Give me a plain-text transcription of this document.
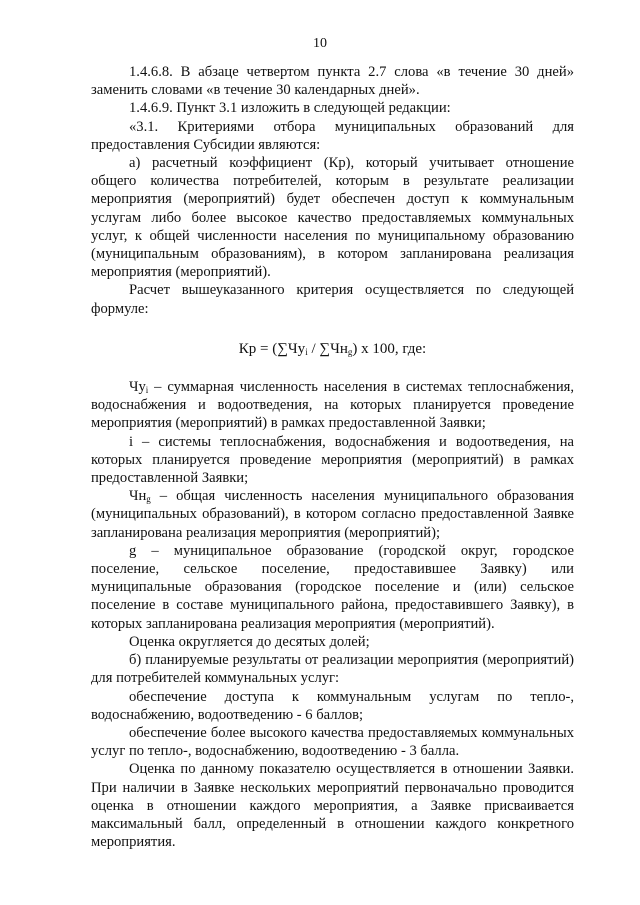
10

1.4.6.8. В абзаце четвертом пункта 2.7 слова «в течение 30 дней» заменить словами «в течение 30 календарных дней».

1.4.6.9. Пункт 3.1 изложить в следующей редакции:

«3.1. Критериями отбора муниципальных образований для предоставления Субсидии являются:

а) расчетный коэффициент (Кр), который учитывает отношение общего количества потребителей, которым в результате реализации мероприятия (мероприятий) будет обеспечен доступ к коммунальным услугам либо более высокое качество предоставляемых коммунальных услуг, к общей численности населения по муниципальному образованию (муниципальным образованиям), в котором запланирована реализация мероприятия (мероприятий).

Расчет вышеуказанного критерия осуществляется по следующей формуле:

Кр = $(\sum Чу_i / \sum Чн_g)$ х 100, где:

$Чу_i$ – суммарная численность населения в системах теплоснабжения, водоснабжения и водоотведения, на которых планируется проведение мероприятия (мероприятий) в рамках предоставленной Заявки;

i – системы теплоснабжения, водоснабжения и водоотведения, на которых планируется проведение мероприятия (мероприятий) в рамках предоставленной Заявки;

$Чн_g$ – общая численность населения муниципального образования (муниципальных образований), в котором согласно предоставленной Заявке запланирована реализация мероприятия (мероприятий);

g – муниципальное образование (городской округ, городское поселение, сельское поселение, предоставившее Заявку) или муниципальные образования (городское поселение и (или) сельское поселение в составе муниципального района, предоставившего Заявку), в которых запланирована реализация мероприятия (мероприятий).

Оценка округляется до десятых долей;

б) планируемые результаты от реализации мероприятия (мероприятий) для потребителей коммунальных услуг:

обеспечение доступа к коммунальным услугам по тепло-, водоснабжению, водоотведению - 6 баллов;

обеспечение более высокого качества предоставляемых коммунальных услуг по тепло-, водоснабжению, водоотведению - 3 балла.

Оценка по данному показателю осуществляется в отношении Заявки. При наличии в Заявке нескольких мероприятий первоначально проводится оценка в отношении каждого мероприятия, а Заявке присваивается максимальный балл, определенный в отношении каждого конкретного мероприятия.
